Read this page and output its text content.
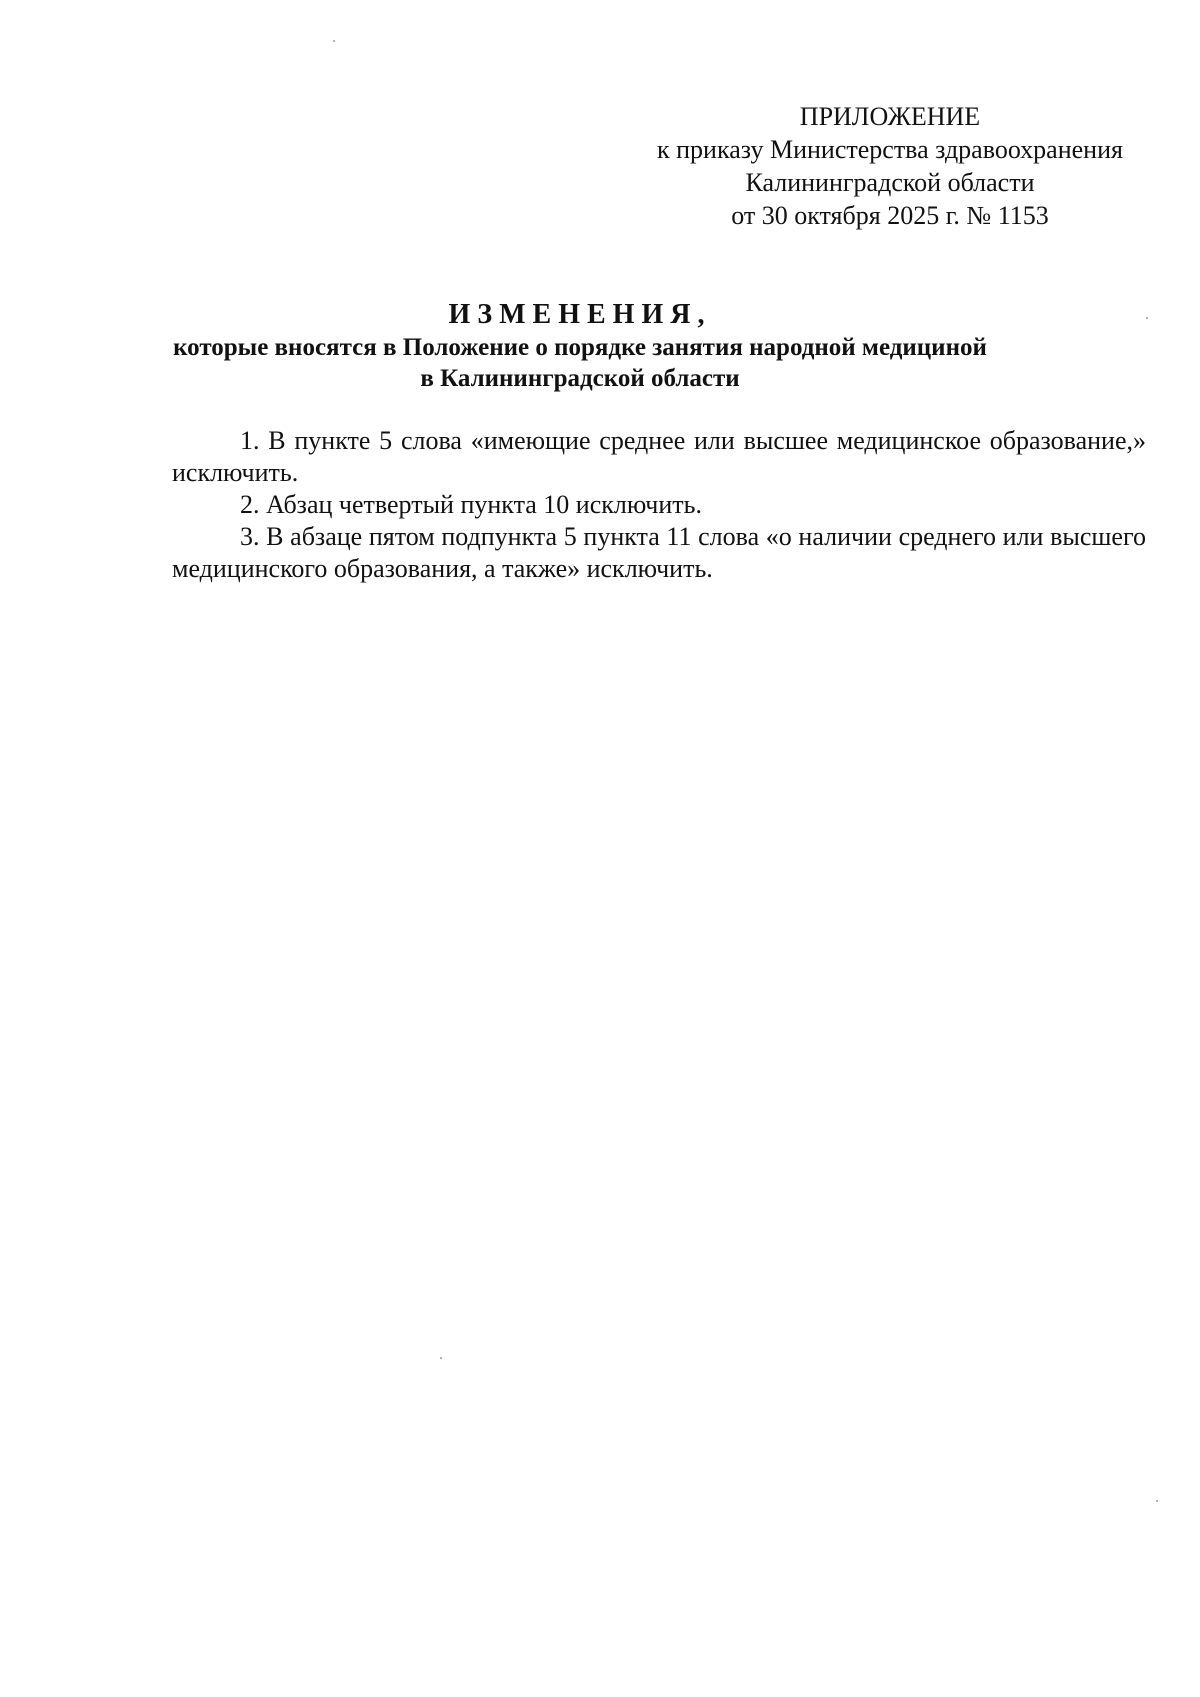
ПРИЛОЖЕНИЕ
к приказу Министерства здравоохранения
Калининградской области
от 30 октября 2025 г. № 1153
ИЗМЕНЕНИЯ,
которые вносятся в Положение о порядке занятия народной медициной
в Калининградской области

1. В пункте 5 слова «имеющие среднее или высшее медицинское образование,» исключить.

2. Абзац четвертый пункта 10 исключить.

3. В абзаце пятом подпункта 5 пункта 11 слова «о наличии среднего или высшего медицинского образования, а также» исключить.
